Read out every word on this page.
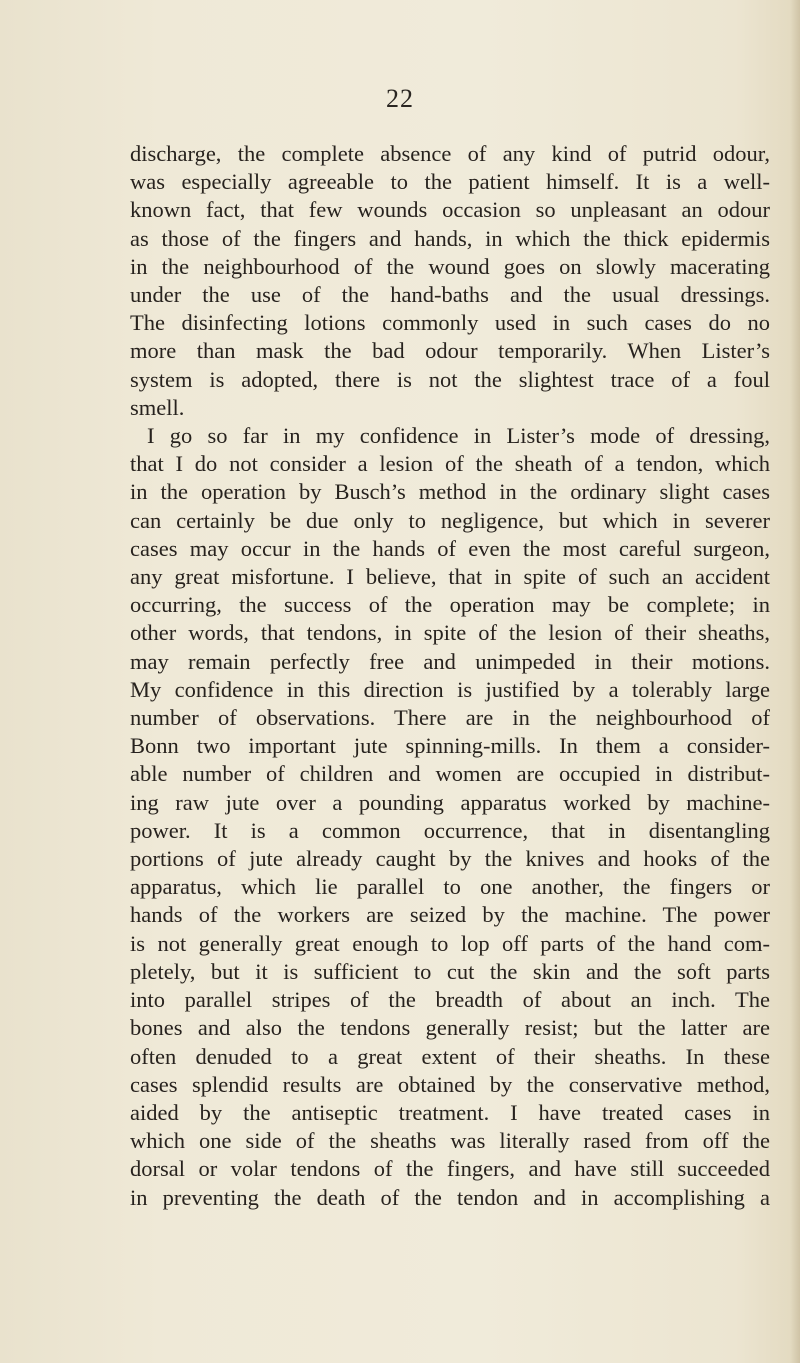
22

discharge, the complete absence of any kind of putrid odour,
was especially agreeable to the patient himself. It is a well-
known fact, that few wounds occasion so unpleasant an odour
as those of the fingers and hands, in which the thick epidermis
in the neighbourhood of the wound goes on slowly macerating
under the use of the hand-baths and the usual dressings.
The disinfecting lotions commonly used in such cases do no
more than mask the bad odour temporarily. When Lister’s
system is adopted, there is not the slightest trace of a foul
smell.

I go so far in my confidence in Lister’s mode of dressing,
that I do not consider a lesion of the sheath of a tendon, which
in the operation by Busch’s method in the ordinary slight cases
can certainly be due only to negligence, but which in severer
cases may occur in the hands of even the most careful surgeon,
any great misfortune. I believe, that in spite of such an accident
occurring, the success of the operation may be complete; in
other words, that tendons, in spite of the lesion of their sheaths,
may remain perfectly free and unimpeded in their motions.
My confidence in this direction is justified by a tolerably large
number of observations. There are in the neighbourhood of
Bonn two important jute spinning-mills. In them a consider-
able number of children and women are occupied in distribut-
ing raw jute over a pounding apparatus worked by machine-
power. It is a common occurrence, that in disentangling
portions of jute already caught by the knives and hooks of the
apparatus, which lie parallel to one another, the fingers or
hands of the workers are seized by the machine. The power
is not generally great enough to lop off parts of the hand com-
pletely, but it is sufficient to cut the skin and the soft parts
into parallel stripes of the breadth of about an inch. The
bones and also the tendons generally resist; but the latter are
often denuded to a great extent of their sheaths. In these
cases splendid results are obtained by the conservative method,
aided by the antiseptic treatment. I have treated cases in
which one side of the sheaths was literally rased from off the
dorsal or volar tendons of the fingers, and have still succeeded
in preventing the death of the tendon and in accomplishing a
